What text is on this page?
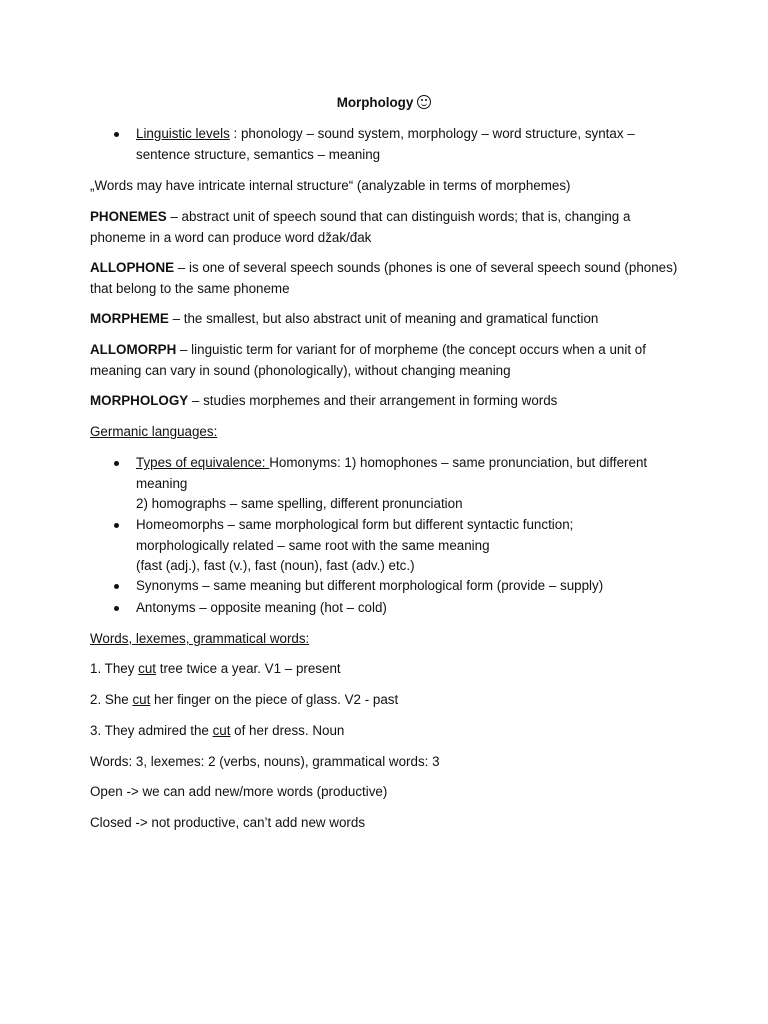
Morphology
Linguistic levels : phonology – sound system, morphology – word structure, syntax –
sentence structure, semantics – meaning
„Words may have intricate internal structure“ (analyzable in terms of morphemes)
PHONEMES – abstract unit of speech sound that can distinguish words; that is, changing a
phoneme in a word can produce word džak/đak
ALLOPHONE – is one of several speech sounds (phones is one of several speech sound (phones)
that belong to the same phoneme
MORPHEME – the smallest, but also abstract unit of meaning and gramatical function
ALLOMORPH – linguistic term for variant for of morpheme (the concept occurs when a unit of
meaning can vary in sound (phonologically), without changing meaning
MORPHOLOGY – studies morphemes and their arrangement in forming words
Germanic languages:
Types of equivalence: Homonyms: 1) homophones – same pronunciation, but different
meaning
2) homographs – same spelling, different pronunciation
Homeomorphs – same morphological form but different syntactic function;
morphologically related – same root with the same meaning
(fast (adj.), fast (v.), fast (noun), fast (adv.) etc.)
Synonyms – same meaning but different morphological form (provide – supply)
Antonyms – opposite meaning (hot – cold)
Words, lexemes, grammatical words:
1. They cut tree twice a year. V1 – present
2. She cut her finger on the piece of glass. V2 - past
3. They admired the cut of her dress. Noun
Words: 3, lexemes: 2 (verbs, nouns), grammatical words: 3
Open -> we can add new/more words (productive)
Closed -> not productive, can’t add new words
